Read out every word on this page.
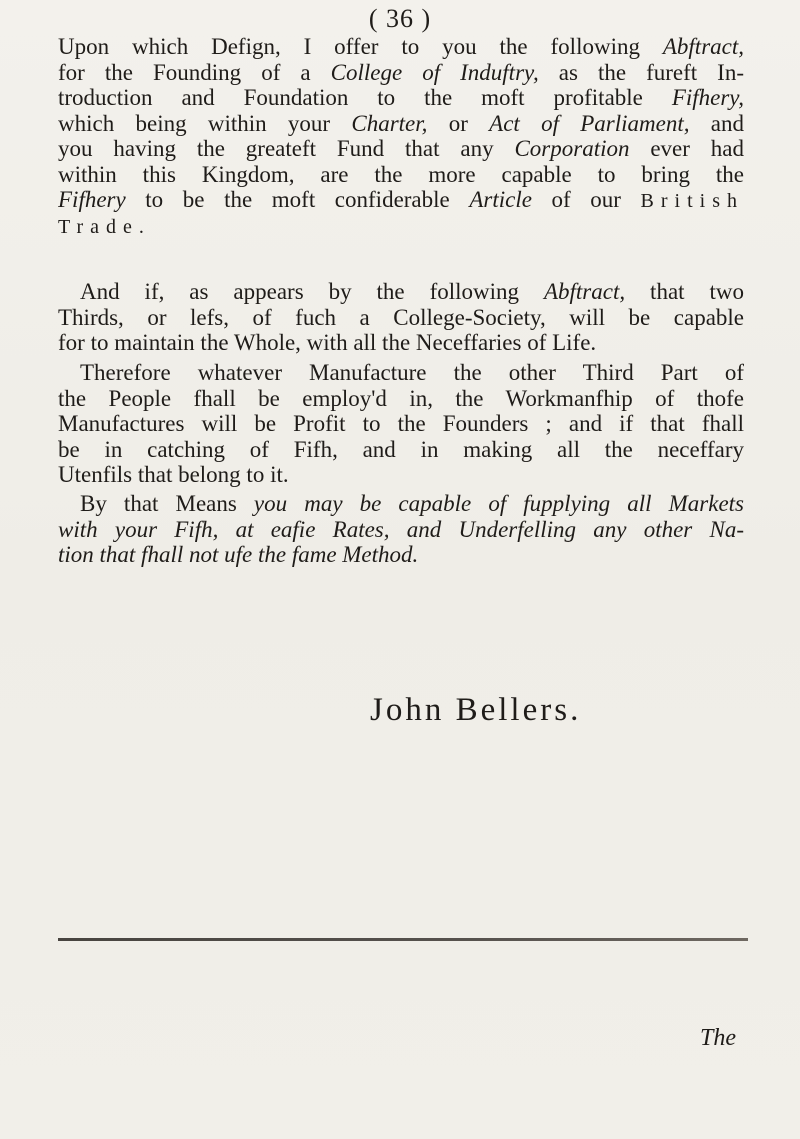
( 36 )
Upon which Defign, I offer to you the following Abftract,
for the Founding of a College of Induftry, as the fureft In-
troduction and Foundation to the moft profitable Fifhery,
which being within your Charter, or Act of Parliament, and
you having the greateft Fund that any Corporation ever had
within this Kingdom, are the more capable to bring the
Fifhery to be the moft confiderable Article of our British
Trade.
And if, as appears by the following Abftract, that two
Thirds, or lefs, of fuch a College-Society, will be capable
for to maintain the Whole, with all the Neceffaries of Life.
Therefore whatever Manufacture the other Third Part of
the People fhall be employ'd in, the Workmanfhip of thofe
Manufactures will be Profit to the Founders ; and if that fhall
be in catching of Fifh, and in making all the neceffary
Utenfils that belong to it.
By that Means you may be capable of fupplying all Markets
with your Fifh, at eafie Rates, and Underfelling any other Na-
tion that fhall not ufe the fame Method.
John Bellers.
The
